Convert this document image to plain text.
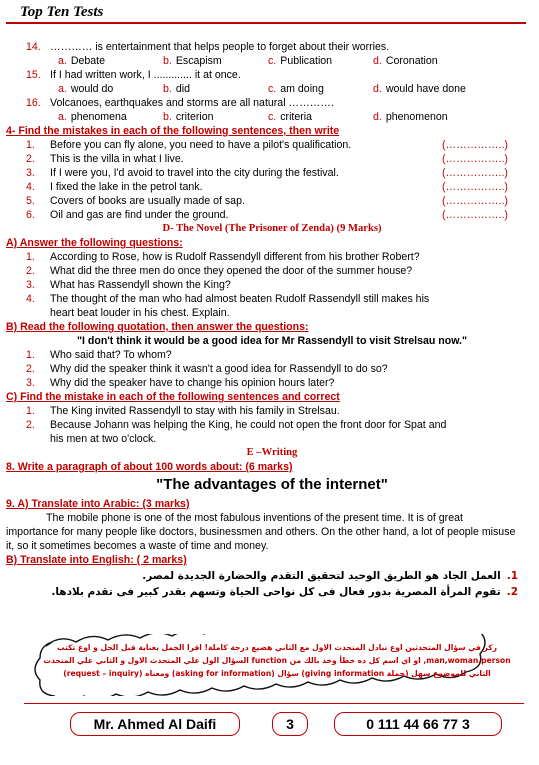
Top Ten Tests
14. ………… is entertainment that helps people to forget about their worries.
a. Debate	b. Escapism	c. Publication	d. Coronation
15. If I had written work, I ............. it at once.
a. would do	b. did	c. am doing	d. would have done
16. Volcanoes, earthquakes and storms are all natural ………….
a. phenomena	b. criterion	c. criteria	d. phenomenon
4- Find the mistakes in each of the following sentences, then write
1.	Before you can fly alone, you need to have a pilot's qualification.	(……………..)
2.	This is the villa in what I live.	(……………..)
3.	If I were you, I'd avoid to travel into the city during the festival.	(……………..)
4.	I fixed the lake in the petrol tank.	(……………..)
5.	Covers of books are usually made of sap.	(……………..)
6.	Oil and gas are find under the ground.	(……………..)
D- The Novel (The Prisoner of Zenda) (9 Marks)
A) Answer the following questions:
1.	According to Rose, how is Rudolf Rassendyll different from his brother Robert?
2.	What did the three men do once they opened the door of the summer house?
3.	What has Rassendyll shown the King?
4.	The thought of the man who had almost beaten Rudolf Rassendyll still makes his
heart beat louder in his chest. Explain.
B) Read the following quotation, then answer the questions:
"I don't think it would be a good idea for Mr Rassendyll to visit Strelsau now."
1.	Who said that? To whom?
2.	Why did the speaker think it wasn't a good idea for Rassendyll to do so?
3.	Why did the speaker have to change his opinion hours later?
C) Find the mistake in each of the following sentences and correct
1.	The King invited Rassendyll to stay with his family in Strelsau.
2.	Because Johann was helping the King, he could not open the front door for Spat and
his men at two o'clock.
E –Writing
8. Write a paragraph of about 100 words about: (6 marks)
"The advantages of the internet"
9. A) Translate into Arabic: (3 marks)
The mobile phone is one of the most fabulous inventions of the present time. It is of great importance for many people like doctors, businessmen and others. On the other hand, a lot of people misuse it, so it sometimes becomes a waste of time and money.
B) Translate into English: ( 2 marks)
1.
العمل الجاد هو الطريق الوحيد لتحقيق التقدم والحضارة الجديدة لمصر.
2.
تقوم المرأة المصرية بدور فعال فى كل نواحى الحياة وتسهم بقدر كبير فى تقدم بلادها.
ركز في سؤال المتحدثين اوع تبادل المتحدث الاول مع الثاني هضيع درجة كاملة! اقرا الجمل بعناية قبل الحل و اوع تكتب
man,woman,person, او اي اسم كل ده خطأ وخد بالك من function السؤال الول علي المتحدث الاول و الثاني علي المتحدث
الثاني للموضوع سهل (جملة giving information) سؤال (asking for information) ومعناه (request – inquiry)
Mr. Ahmed Al Daifi	3	0 111 44 66 77 3
